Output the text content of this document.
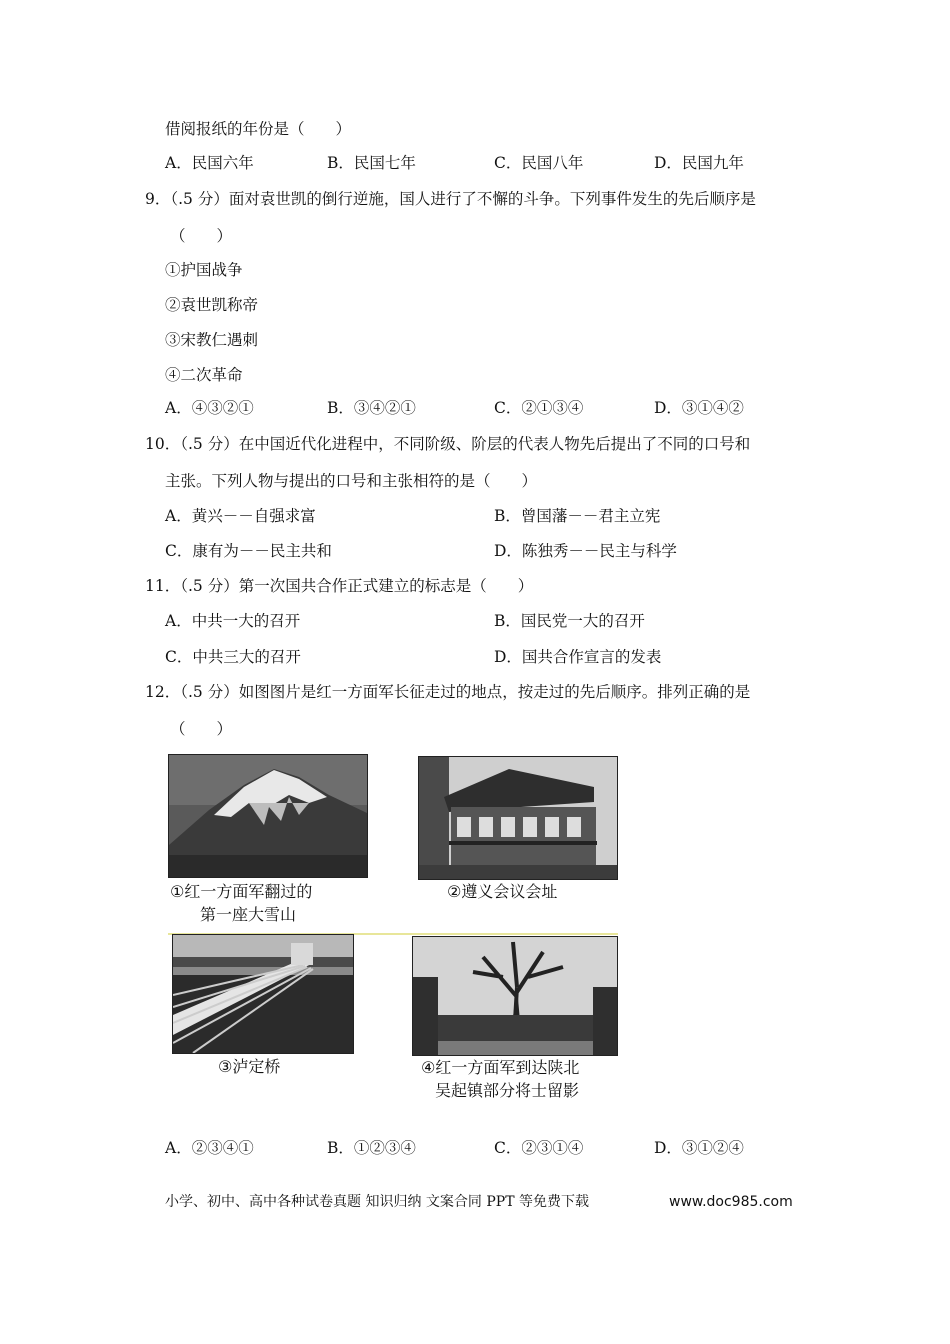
借阅报纸的年份是（　　）
A．民国六年	B．民国七年	C．民国八年	D．民国九年
9．（.5 分）面对袁世凯的倒行逆施，国人进行了不懈的斗争。下列事件发生的先后顺序是
（　　）
①护国战争
②袁世凯称帝
③宋教仁遇刺
④二次革命
A．④③②①	B．③④②①	C．②①③④	D．③①④②
10．（.5 分）在中国近代化进程中，不同阶级、阶层的代表人物先后提出了不同的口号和
主张。下列人物与提出的口号和主张相符的是（　　）
A．黄兴－－自强求富	B．曾国藩－－君主立宪
C．康有为－－民主共和	D．陈独秀－－民主与科学
11．（.5 分）第一次国共合作正式建立的标志是（　　）
A．中共一大的召开	B．国民党一大的召开
C．中共三大的召开	D．国共合作宣言的发表
12．（.5 分）如图图片是红一方面军长征走过的地点，按走过的先后顺序。排列正确的是
（　　）
①红一方面军翻过的
第一座大雪山
②遵义会议会址
③泸定桥	④红一方面军到达陕北
吴起镇部分将士留影
A．②③④①	B．①②③④	C．②③①④	D．③①②④
小学、初中、高中各种试卷真题 知识归纳 文案合同 PPT 等免费下载	www.doc985.com
